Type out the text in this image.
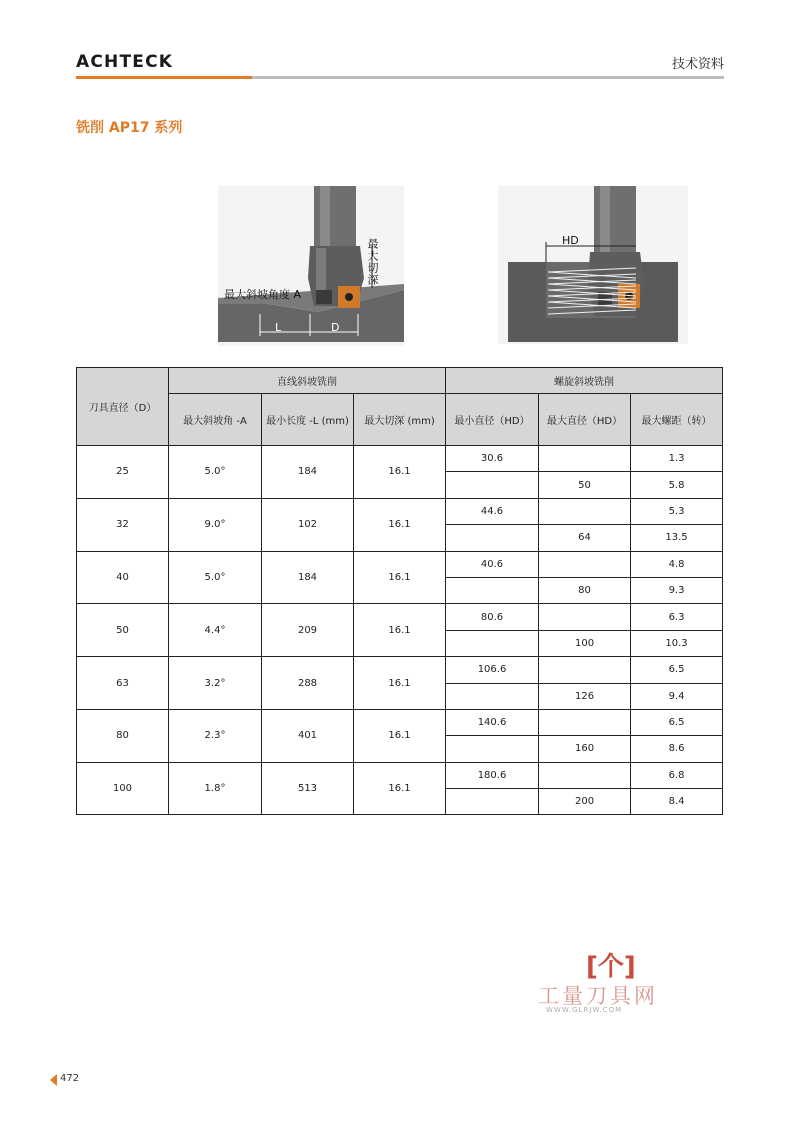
ACHTECK	技术资料
铣削 AP17 系列
最大斜坡角度 A
最大切深
L	D
HD
刀具直径（D）	直线斜坡铣削			螺旋斜坡铣削		
	最大斜坡角 -A	最小长度 -L (mm)	最大切深 (mm)	最小直径（HD）	最大直径（HD）	最大螺距（转）
25	5.0°	184	16.1	30.6		1.3
					50	5.8
32	9.0°	102	16.1	44.6		5.3
					64	13.5
40	5.0°	184	16.1	40.6		4.8
					80	9.3
50	4.4°	209	16.1	80.6		6.3
					100	10.3
63	3.2°	288	16.1	106.6		6.5
					126	9.4
80	2.3°	401	16.1	140.6		6.5
					160	8.6
100	1.8°	513	16.1	180.6		6.8
					200	8.4
[个]
工量刀具网
WWW.GLRJW.COM
472
